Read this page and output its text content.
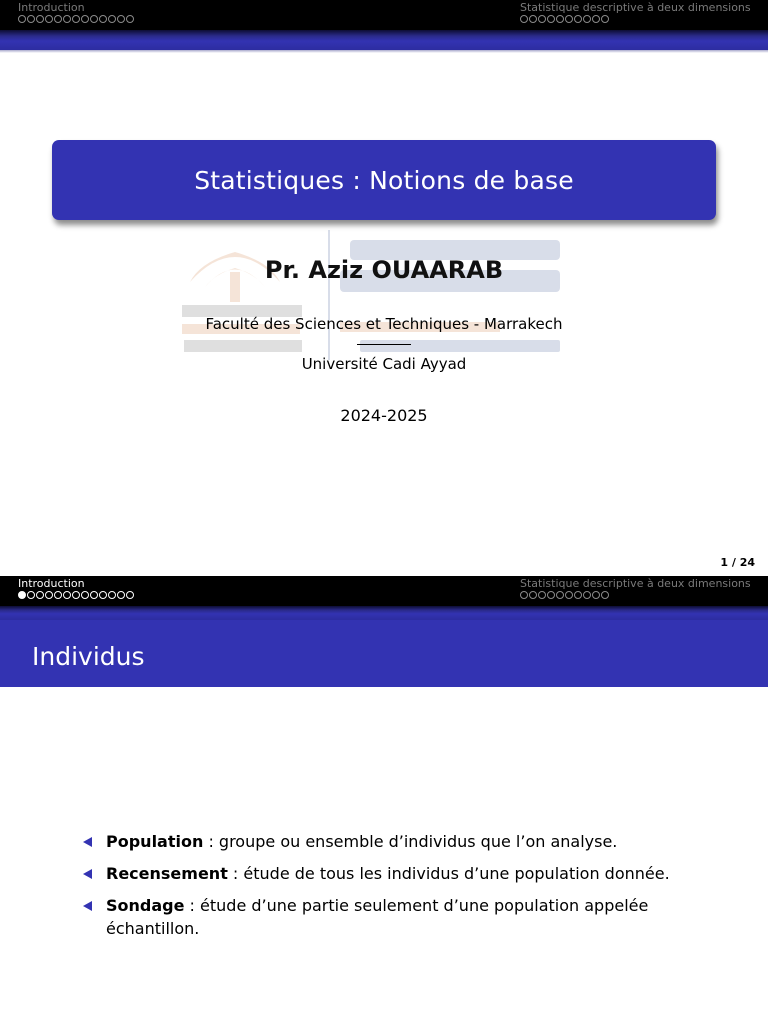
Introduction	Statistique descriptive à deux dimensions
Statistiques : Notions de base
Pr. Aziz OUAARAB
Faculté des Sciences et Techniques - Marrakech
Université Cadi Ayyad
2024-2025
1 / 24
Introduction	Statistique descriptive à deux dimensions
Individus
Population : groupe ou ensemble d’individus que l’on analyse.
Recensement : étude de tous les individus d’une population donnée.
Sondage : étude d’une partie seulement d’une population appelée échantillon.
